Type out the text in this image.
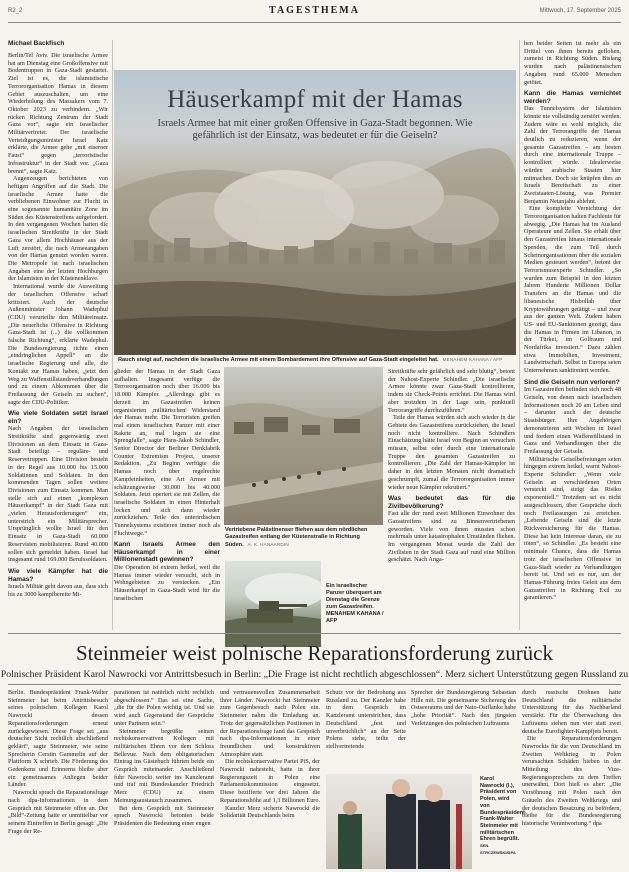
R2_2	TAGESTHEMA	Mittwoch, 17. September 2025
Michael Backfisch

Berlin/Tel Aviv. Die israelische Armee hat am Dienstag eine Großoffensive mit Bodentruppen in Gaza-Stadt gestartet. Ziel ist es, die islamistische Terrororganisation Hamas in diesem Gebiet auszuschalten, um eine Wiederholung des Massakers vom 7. Oktober 2023 zu verhindern. „Wir rücken Richtung Zentrum der Stadt Gaza vor“, sagte ein israelischer Militärvertreter. Der israelische Verteidigungsminister Israel Katz erklärte, die Armee gehe „mit eiserner Faust“ gegen „terroristische Infrastruktur“ in der Stadt vor. „Gaza brennt“, sagte Katz.

Augenzeugen berichteten von heftigen Angriffen auf die Stadt. Die israelische Armee hatte die verbliebenen Einwohner zur Flucht in eine sogenannte humanitäre Zone im Süden des Küstenstreifens aufgefordert. In den vergangenen Wochen hatten die israelischen Streitkräfte in der Stadt Gaza vor allem Hochhäuser aus der Luft zerstört, die nach Armeeangaben von der Hamas genutzt worden waren. Die Metropole ist nach israelischen Angaben eine der letzten Hochburgen der Islamisten in der Küstenenklave.

International wurde die Ausweitung der israelischen Offensive scharf kritisiert. Auch der deutsche Außenminister Johann Wadephul (CDU) verurteilte den Militäreinsatz. „Die neuerliche Offensive in Richtung Gaza-Stadt ist (...) die vollkommen falsche Richtung“, erklärte Wadephul. Die Bundesregierung richte einen „eindringlichen Appell“ an die israelische Regierung und alle, die Kontakt zur Hamas haben, „jetzt den Weg zu Waffenstillstandsverhandlungen und zu einem Abkommen über die Freilassung der Geiseln zu suchen“, sagte der CDU-Politiker.

Wie viele Soldaten setzt Israel ein?

Nach Angaben der israelischen Streitkräfte sind gegenwärtig zwei Divisionen an dem Einsatz in Gaza-Stadt beteiligt – reguläre- und Reservetruppen. Eine Division besteht in der Regel aus 10.000 bis 15.000 Soldatinnen und Soldaten. In den kommenden Tagen sollen weitere Divisionen zum Einsatz kommen. Man stelle sich auf einen „komplexen Häuserkampf“ in der Stadt Gaza mit „vielen Herausforderungen“ ein, unterstrich ein Militärsprecher. Ursprünglich wollte Israel für den Einsatz in Gaza-Stadt 60.000 Reservisten mobilisieren. Rund 40.000 sollen sich gemeldet haben. Israel hat insgesamt rund 169.000 Berufssoldaten.

Wie viele Kämpfer hat die Hamas?

Israels Militär geht davon aus, dass sich bis zu 3000 kampfbereite Mi-

Häuserkampf mit der Hamas
Israels Armee hat mit einer großen Offensive in Gaza-Stadt begonnen. Wie gefährlich ist der Einsatz, was bedeutet er für die Geiseln?
Rauch steigt auf, nachdem die israelische Armee mit einem Bombardement ihre Offensive auf Gaza-Stadt eingeleitet hat. MENAHEM KAHANA / AFP

glieder der Hamas in der Stadt Gaza aufhalten. Insgesamt verfüge die Terrororganisation noch über 16.000 bis 18.000 Kämpfer. „Allerdings gibt es derzeit im Gazastreifen keinen organisierten ,militärischen' Widerstand der Hamas mehr. Die Terroristen greifen mal einen israelischen Panzer mit einer Rakete an, mal legen sie eine Sprengfalle“, sagte Hans-Jakob Schindler, Senior Director der Berliner Denkfabrik Counter Extremism Project, unserer Redaktion. „Zu Beginn verfügte die Hamas noch über regelrechte Kampfeinheiten, eine Art Armee mit schätzungsweise 30.000 bis 40.000 Soldaten. Jetzt operiert sie mit Zellen, die israelische Soldaten in einen Hinterhalt locken und sich dann wieder zurückziehen. Teile des unterirdischen Tunnelsystems existieren immer noch als Fluchtwege.“

Kann Israels Armee den Häuserkampf in einer Millionenstadt gewinnen?

Die Operation ist extrem heikel, weil die Hamas immer wieder versucht, sich in Wohngebieten zu verstecken. „Ein Häuserkampf in Gaza-Stadt wird für die israelischen

Vertriebene Palästinenser fliehen aus dem nördlichen Gazastreifen entlang der Küstenstraße in Richtung Süden. A. K. HANAARDIN
Ein israelischer Panzer überquert am Dienstag die Grenze zum Gazastreifen.
MENAHEM KAHANA / AFP

Streitkräfte sehr gefährlich und sehr blutig“, betont der Nahost-Experte Schindler. „Die israelische Armee könnte zwar Gaza-Stadt kontrollieren, indem sie Check-Points errichtet. Die Hamas wird aber trotzdem in der Lage sein, punktuell Terrorangriffe durchzuführen.“

Teile der Hamas würden sich auch wieder in die Gebiete des Gazastreifens zurückziehen, die Israel noch nicht kontrolliere. Nach Schindlers Einschätzung hätte Israel von Beginn an versuchen müssen, selbst oder durch eine internationale Truppe den gesamten Gazastreifen zu kontrollieren: „Die Zahl der Hamas-Kämpfer ist daher in den letzten Monaten nicht dramatisch geschrumpft, zumal die Terrororganisation immer wieder neue Kämpfer rekrutiert.“

Was bedeutet das für die Zivilbevölkerung?

Fast alle der rund zwei Millionen Einwohner des Gazastreifens sind zu Binnenvertriebenen geworden. Viele von ihnen mussten schon mehrmals unter katastrophalen Umständen fliehen. Im vergangenen Monat wurde die Zahl der Zivilisten in der Stadt Gaza auf rund eine Million geschätzt. Nach Anga-

ben beider Seiten ist mehr als ein Drittel von ihnen bereits geflohen, zumeist in Richtung Süden. Bislang wurden nach palästinensischen Angaben rund 65.000 Menschen getötet.

Kann die Hamas vernichtet werden?

Das Tunnelsystem der Islamisten könnte nie vollständig zerstört werden. Zudem wäre es wohl möglich, die Zahl der Terrorangriffe der Hamas deutlich zu reduzieren, wenn der gesamte Gazastreifen – am besten durch eine internationale Truppe – kontrolliert würde. Idealerweise würden arabische Staaten hier mitmachen. Doch sie knüpfen dies an Israels Bereitschaft zu einer Zweistaaten-Lösung, was Premier Benjamin Netanjahu ablehnt.

Eine komplette Vernichtung der Terrororganisation halten Fachleute für abwegig. „Die Hamas hat im Ausland Operateure und Zellen. Sie erhält über den Gazastreifen hinaus internationale Spenden, die zum Teil durch Scheinorganisationen über die sozialen Medien gesteuert werden“, betont der Terrorismusexperte Schindler. „So wurden zum Beispiel in den letzten Jahren Hunderte Millionen Dollar Transfers an die Hamas und die libanesische Hisbollah über Kryptowährungen getätigt – und zwar aus der ganzen Welt. Zudem haben US- und EU-Sanktionen gezeigt, dass die Hamas in Firmen im Libanon, in der Türkei, im Golfraum und Nordafrika investiert.“ Dazu zählen etwa Immobilien, Investment, Landwirtschaft. Selbst in Europa seien Unternehmen sanktioniert worden.

Sind die Geiseln nun verloren?

Im Gazastreifen befinden sich noch 48 Geiseln, von denen nach israelischen Informationen noch 20 am Leben sind – darunter auch der deutsche Staatsbürger. Ihre Angehörigen demonstrieren seit Wochen in Israel und fordern einen Waffenstillstand in Gaza und Verhandlungen über die Freilassung der Geiseln.

Militärische Geiselbefreiungen seien hingegen extrem heikel, warnt Nahost-Experte Schindler: „Wenn viele Geiseln an verschiedenen Orten versteckt sind, steigt das Risiko exponentiell.“ Trotzdem sei es nicht ausgeschlossen, über Gespräche doch noch Freilassungen zu erreichen. „Lebende Geiseln sind die letzte Rückversicherung für die Hamas. Diese hat kein Interesse daran, sie zu töten“, so Schindler. „Es besteht eine minimale Chance, dass die Hamas trotz der israelischen Offensive in Gaza-Stadt wieder zu Verhandlungen bereit ist. Und sei es nur, um der Hamas-Führung freies Geleit aus dem Gazastreifen in Richtung Exil zu garantieren.“

Steinmeier weist polnische Reparationsforderung zurück
Polnischer Präsident Karol Nawrocki vor Antrittsbesuch in Berlin: „Die Frage ist nicht rechtlich abgeschlossen“. Merz sichert Unterstützung gegen Russland zu

Berlin. Bundespräsident Frank-Walter Steinmeier hat beim Antrittsbesuch seines polnischen Kollegen Karol Nawrocki dessen Reparationsforderungen erneut zurückgewiesen. Diese Frage sei „aus deutscher Sicht rechtlich abschließend geklärt“, sagte Steinmeier, wie seine Sprecherin Cerstin Gammelin auf der Plattform X schrieb. Die Förderung des Gedenkens und Erinnerns bleibe aber ein gemeinsames Anliegen beider Länder.

Nawrocki sprach die Reparationsfrage nach dpa-Informationen in dem Gespräch mit Steinmeier offen an. Der „Bild“-Zeitung hatte er unmittelbar vor seinem Eintreffen in Berlin gesagt: „Die Frage der Re-

parationen ist natürlich nicht rechtlich abgeschlossen.“ Das sei eine Sache, „die für die Polen wichtig ist. Und sie wird auch Gegenstand der Gespräche unter Partnern sein.“

Steinmeier begrüßte seinen rechtskonservativen Kollegen mit militärischen Ehren vor dem Schloss Bellevue. Nach dem obligatorischen Eintrag ins Gästebuch führten beide ein Gespräch miteinander. Anschließend fuhr Nawrocki weiter ins Kanzleramt und traf mit Bundeskanzler Friedrich Merz (CDU) zu einem Meinungsaustausch zusammen.

Bei dem Gespräch mit Steinmeier sprach Nawrocki betonten beide Präsidenten die Bedeutung einer engen

und vertrauensvollen Zusammenarbeit ihrer Länder. Nawrocki hat Steinmeier zum Gegenbesuch nach Polen ein. Steinmeier nahm die Einladung an. Trotz der gegensätzlichen Positionen in der Reparationsfrage fand das Gespräch nach dpa-Informationen in einer freundlichen und konstruktiven Atmosphäre statt.

Die rechtskonservative Partei PiS, der Nawrocki nahesteht, hatte in ihrer Regierungszeit in Polen eine Parlamentskommission eingesetzt. Diese bezifferte vor drei Jahren die Reparationshöhe auf 1,3 Billionen Euro.

Kanzler Merz sicherte Nawrocki die Solidarität Deutschlands beim

Schutz vor der Bedrohung aus Russland zu. Der Kanzler habe in dem Gespräch im Kanzleramt unterstrichen, dass Deutschland „fest und unverbrüchlich“ an der Seite Polens stehe, teilte der stellvertretende

Sprecher der Bundesregierung Sebastian Hille mit. Die gemeinsame Sicherung des Ostseeraums und der Nato-Ostflanke habe „hohe Priorität“. Nach den jüngsten Verletzungen des polnischen Luftraums

durch russische Drohnen hatte Deutschland die militärische Unterstützung für das Nachbarland verstärkt. Für die Überwachung des Luftraums stehen nun vier statt zwei deutsche Eurofighter-Kampfjets bereit.

Die Reparationsforderungen Nawrockis für die von Deutschland im Zweiten Weltkrieg in Polen verursachten Schäden hieben in der Mitteilung des Vize-Regierungssprechers zu dem Treffen unerwähnt. Dort hieß es aber: „Die Versöhnung mit Polen nach den Gräueln des Zweiten Weltkriegs und der deutschen Besatzung zu befördern, bleibe für die Bundesregierung historische Verantwortung.“ dpa

Karol Nawrocki (l.), Präsident von Polen, wird von Bundespräsident Frank-Walter Steinmeier mit militärischen Ehren begrüßt.
SEN. STRCZEWSKI/DPA
